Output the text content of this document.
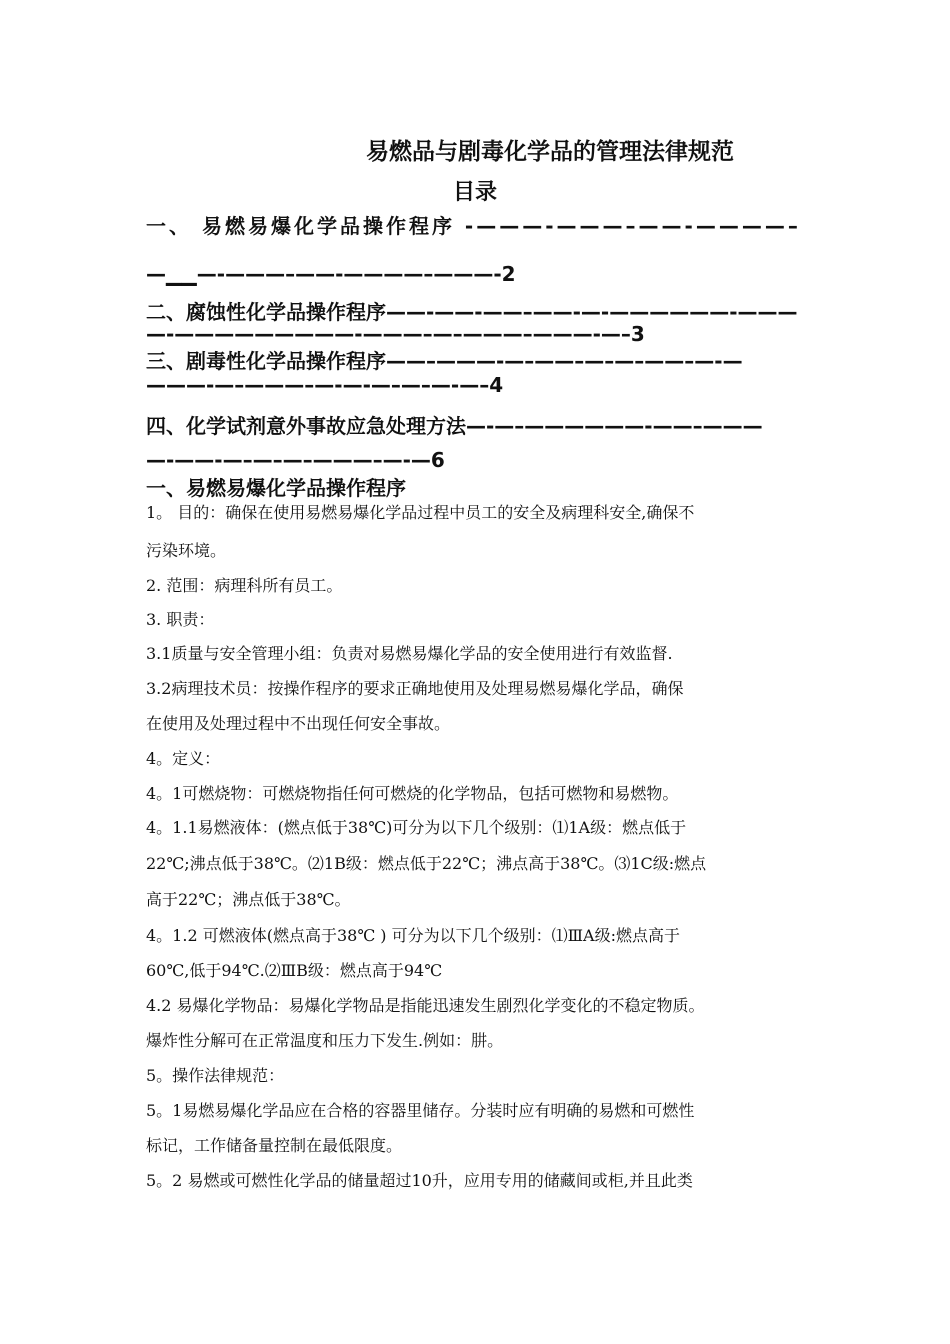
易燃品与剧毒化学品的管理法律规范
目录
一、 易燃易爆化学品操作程序 -———-———–——-————–
—▁▁—-———–——-————–———-2
二、腐蚀性化学品操作程序——-——-——–——-—-——————-———
—-—————————-———–—–———–———-—–3
三、剧毒性化学品操作程序——–———-—–——–—–—–——–—-—
———-—–———–—-—-—–—–—-—–4
四、化学试剂意外事故应急处理方法—-—–——————-——–———
—-——-—–—–—–———–—-—6
一、易燃易爆化学品操作程序
1。 目的：确保在使用易燃易爆化学品过程中员工的安全及病理科安全,确保不
污染环境。
2. 范围：病理科所有员工。
3. 职责：
3.1质量与安全管理小组：负责对易燃易爆化学品的安全使用进行有效监督.
3.2病理技术员：按操作程序的要求正确地使用及处理易燃易爆化学品，确保
在使用及处理过程中不出现任何安全事故。
4。定义：
4。1可燃烧物：可燃烧物指任何可燃烧的化学物品，包括可燃物和易燃物。
4。1.1易燃液体：(燃点低于38℃)可分为以下几个级别：⑴1A级：燃点低于
22℃;沸点低于38℃。⑵1B级：燃点低于22℃；沸点高于38℃。⑶1C级:燃点
高于22℃；沸点低于38℃。
4。1.2 可燃液体(燃点高于38℃ ) 可分为以下几个级别：⑴ⅢA级:燃点高于
60℃,低于94℃.⑵ⅢB级：燃点高于94℃
4.2 易爆化学物品：易爆化学物品是指能迅速发生剧烈化学变化的不稳定物质。
爆炸性分解可在正常温度和压力下发生.例如：肼。
5。操作法律规范：
5。1易燃易爆化学品应在合格的容器里储存。分装时应有明确的易燃和可燃性
标记，工作储备量控制在最低限度。
5。2 易燃或可燃性化学品的储量超过10升，应用专用的储藏间或柜,并且此类
